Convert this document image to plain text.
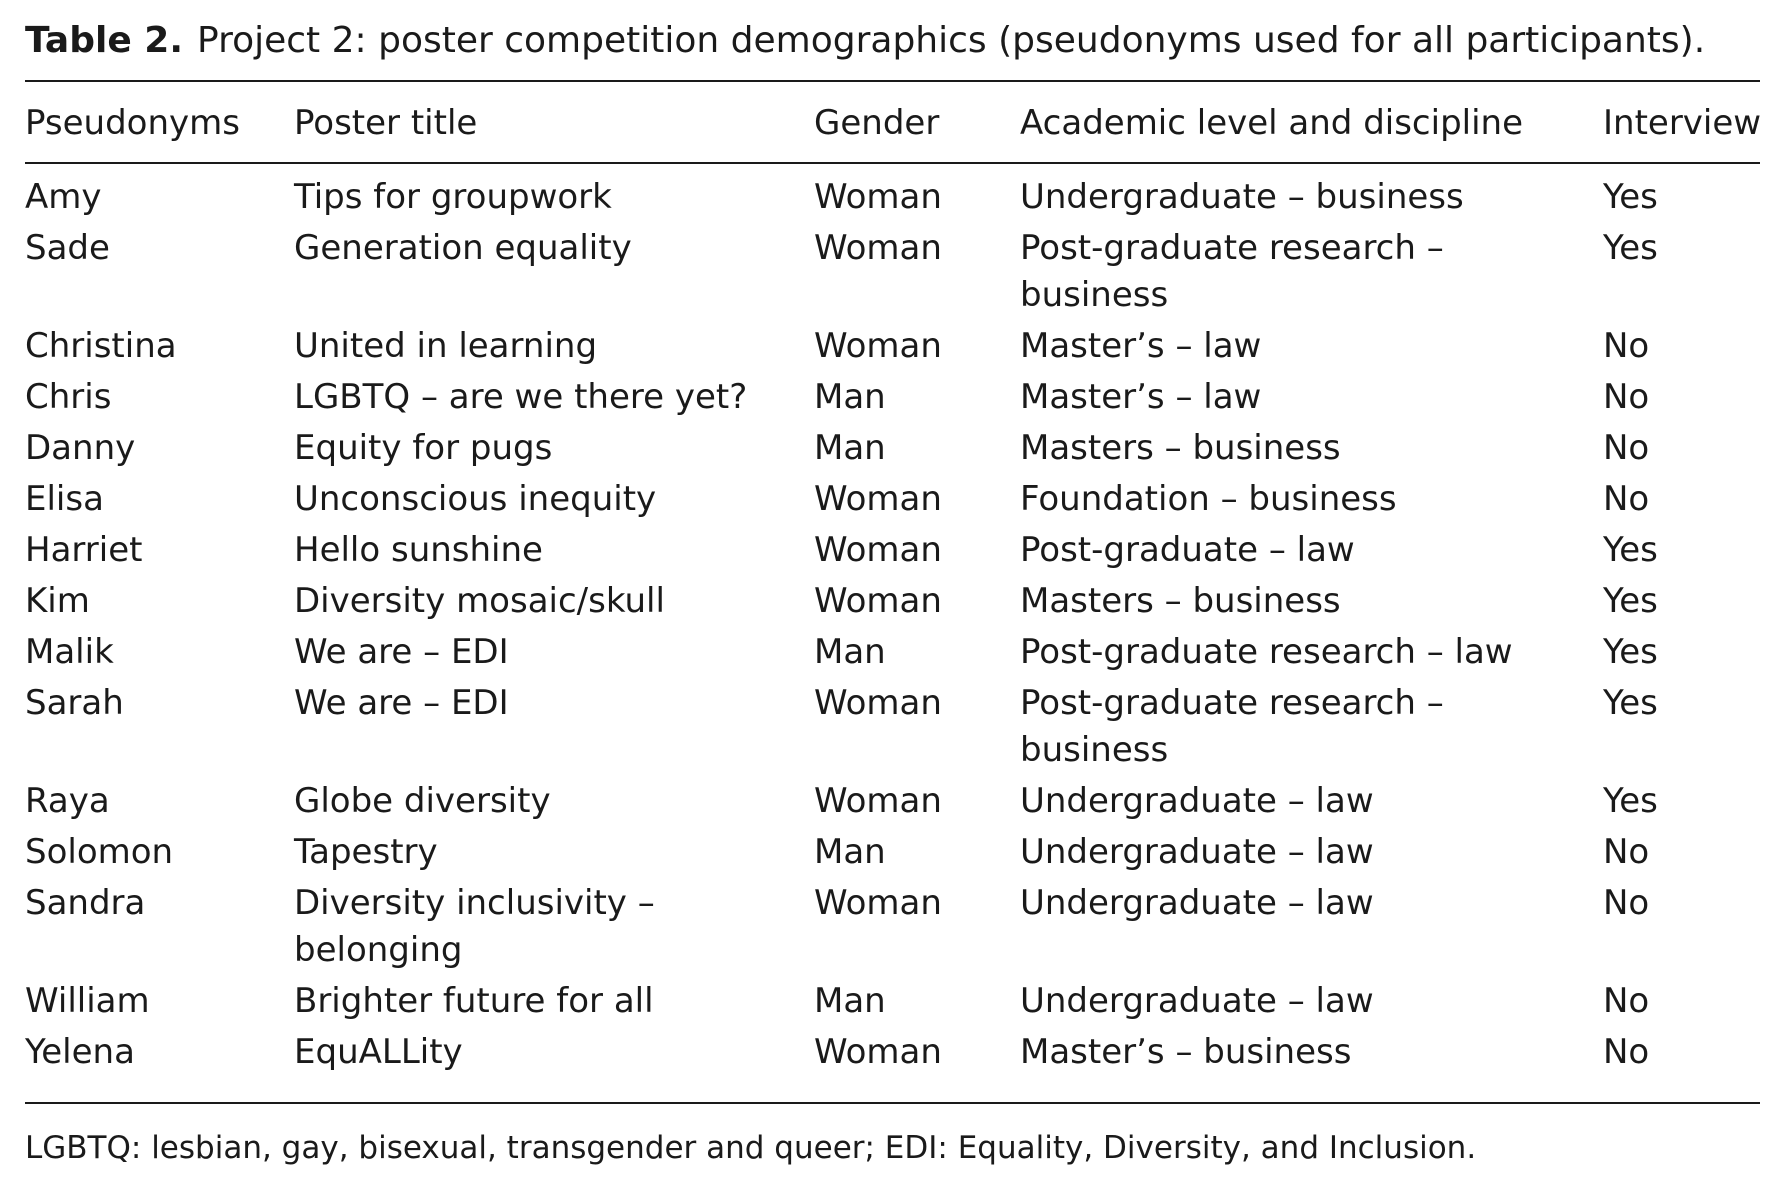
Table 2. Project 2: poster competition demographics (pseudonyms used for all participants).
Pseudonyms	Poster title	Gender	Academic level and discipline	Interview

Amy	Tips for groupwork	Woman	Undergraduate – business	Yes
Sade	Generation equality	Woman	Post-graduate research – business	Yes
Christina	United in learning	Woman	Master’s – law	No
Chris	LGBTQ – are we there yet?	Man	Master’s – law	No
Danny	Equity for pugs	Man	Masters – business	No
Elisa	Unconscious inequity	Woman	Foundation – business	No
Harriet	Hello sunshine	Woman	Post-graduate – law	Yes
Kim	Diversity mosaic/skull	Woman	Masters – business	Yes
Malik	We are – EDI	Man	Post-graduate research – law	Yes
Sarah	We are – EDI	Woman	Post-graduate research – business	Yes
Raya	Globe diversity	Woman	Undergraduate – law	Yes
Solomon	Tapestry	Man	Undergraduate – law	No
Sandra	Diversity inclusivity – belonging	Woman	Undergraduate – law	No
William	Brighter future for all	Man	Undergraduate – law	No
Yelena	EquALLity	Woman	Master’s – business	No
LGBTQ: lesbian, gay, bisexual, transgender and queer; EDI: Equality, Diversity, and Inclusion.
